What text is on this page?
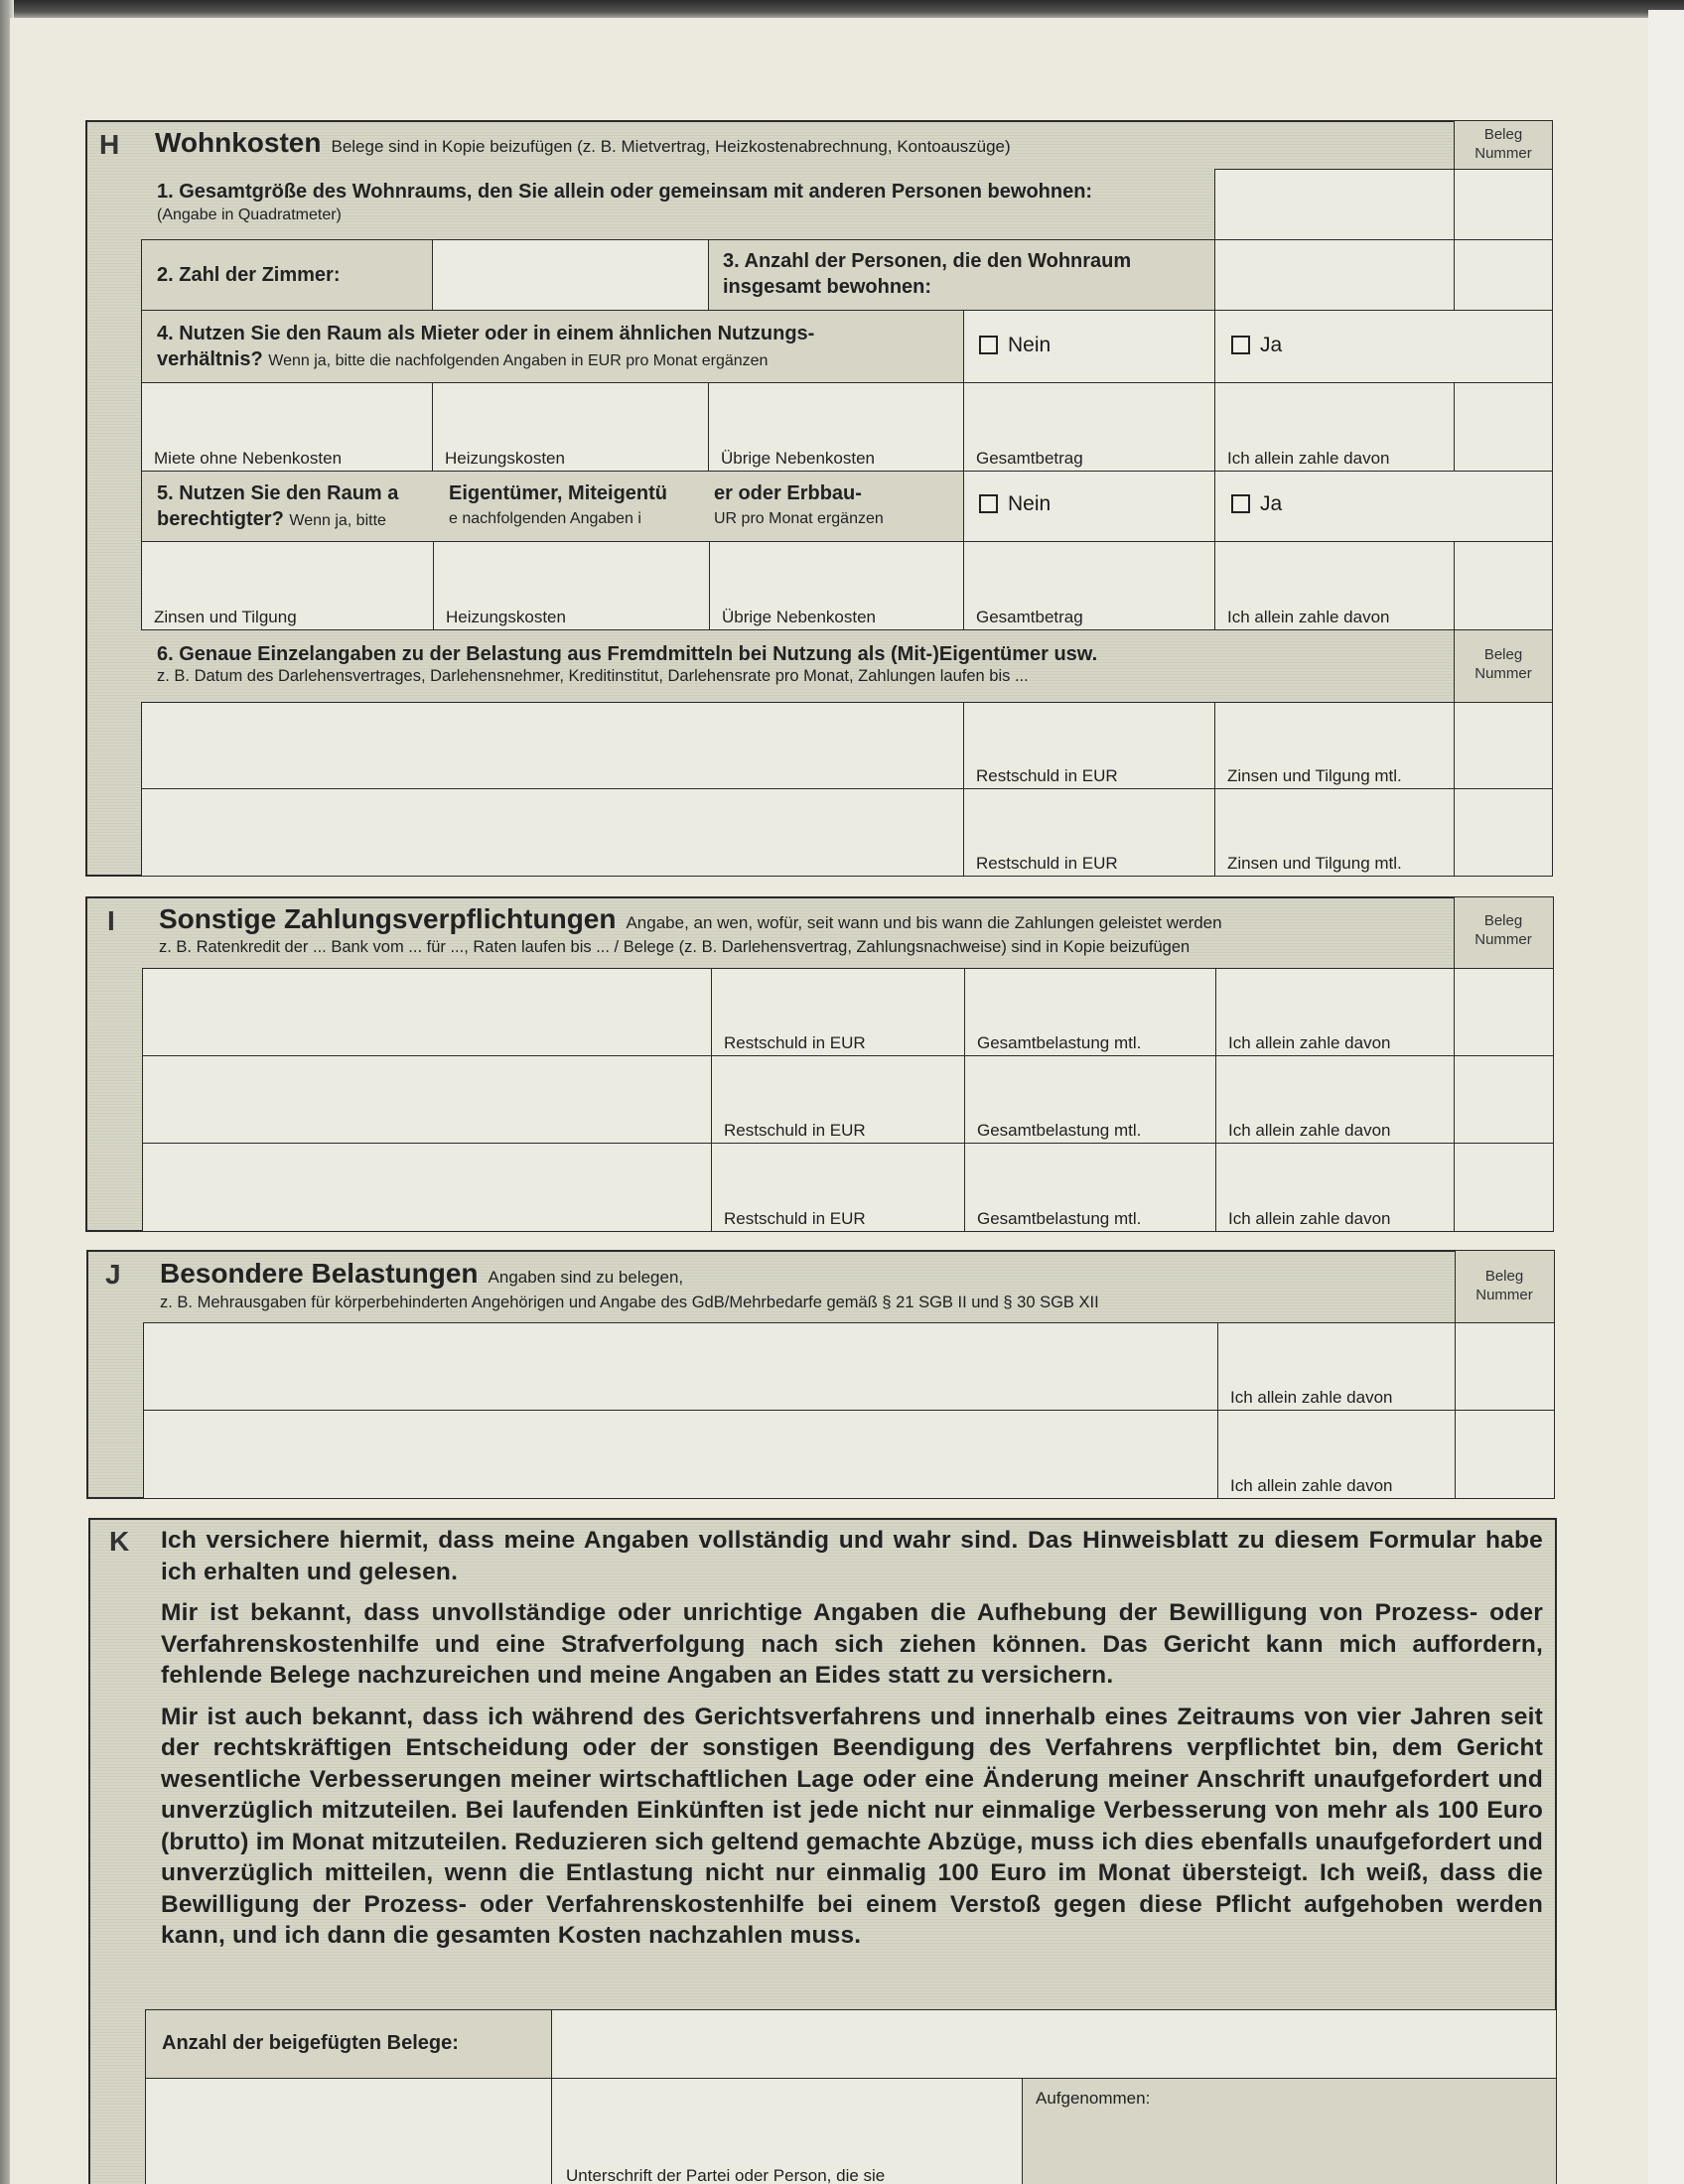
H Wohnkosten Belege sind in Kopie beizufügen (z. B. Mietvertrag, Heizkostenabrechnung, Kontoauszüge)
Beleg
Nummer
1. Gesamtgröße des Wohnraums, den Sie allein oder gemeinsam mit anderen Personen bewohnen:
(Angabe in Quadratmeter)
2. Zahl der Zimmer:
3. Anzahl der Personen, die den Wohnraum
insgesamt bewohnen:
4. Nutzen Sie den Raum als Mieter oder in einem ähnlichen Nutzungs-
verhältnis? Wenn ja, bitte die nachfolgenden Angaben in EUR pro Monat ergänzen
Nein	Ja
Miete ohne Nebenkosten	Heizungskosten	Übrige Nebenkosten	Gesamtbetrag	Ich allein zahle davon
5. Nutzen Sie den Raum a
berechtigter? Wenn ja, bitte
Eigentümer, Miteigentü
e nachfolgenden Angaben i
er oder Erbbau-
UR pro Monat ergänzen
Nein	Ja
Zinsen und Tilgung	Heizungskosten	Übrige Nebenkosten	Gesamtbetrag	Ich allein zahle davon
6. Genaue Einzelangaben zu der Belastung aus Fremdmitteln bei Nutzung als (Mit-)Eigentümer usw.
z. B. Datum des Darlehensvertrages, Darlehensnehmer, Kreditinstitut, Darlehensrate pro Monat, Zahlungen laufen bis ...
Beleg
Nummer
Restschuld in EUR	Zinsen und Tilgung mtl.
Restschuld in EUR	Zinsen und Tilgung mtl.
I Sonstige Zahlungsverpflichtungen Angabe, an wen, wofür, seit wann und bis wann die Zahlungen geleistet werden
z. B. Ratenkredit der ... Bank vom ... für ..., Raten laufen bis ... / Belege (z. B. Darlehensvertrag, Zahlungsnachweise) sind in Kopie beizufügen
Beleg
Nummer
Restschuld in EUR	Gesamtbelastung mtl.	Ich allein zahle davon
Restschuld in EUR	Gesamtbelastung mtl.	Ich allein zahle davon
Restschuld in EUR	Gesamtbelastung mtl.	Ich allein zahle davon
J Besondere Belastungen Angaben sind zu belegen,
z. B. Mehrausgaben für körperbehinderten Angehörigen und Angabe des GdB/Mehrbedarfe gemäß § 21 SGB II und § 30 SGB XII
Beleg
Nummer
Ich allein zahle davon
Ich allein zahle davon
K Ich versichere hiermit, dass meine Angaben vollständig und wahr sind. Das Hinweisblatt zu diesem Formular habe ich erhalten und gelesen.

Mir ist bekannt, dass unvollständige oder unrichtige Angaben die Aufhebung der Bewilligung von Prozess- oder Verfahrenskostenhilfe und eine Strafverfolgung nach sich ziehen können. Das Gericht kann mich auffordern, fehlende Belege nachzureichen und meine Angaben an Eides statt zu versichern.

Mir ist auch bekannt, dass ich während des Gerichtsverfahrens und innerhalb eines Zeitraums von vier Jahren seit der rechtskräftigen Entscheidung oder der sonstigen Beendigung des Verfahrens verpflichtet bin, dem Gericht wesentliche Verbesserungen meiner wirtschaftlichen Lage oder eine Änderung meiner Anschrift unaufgefordert und unverzüglich mitzuteilen. Bei laufenden Einkünften ist jede nicht nur einmalige Verbesserung von mehr als 100 Euro (brutto) im Monat mitzuteilen. Reduzieren sich geltend gemachte Abzüge, muss ich dies ebenfalls unaufgefordert und unverzüglich mitteilen, wenn die Entlastung nicht nur einmalig 100 Euro im Monat übersteigt. Ich weiß, dass die Bewilligung der Prozess- oder Verfahrenskostenhilfe bei einem Verstoß gegen diese Pflicht aufgehoben werden kann, und ich dann die gesamten Kosten nachzahlen muss.

Anzahl der beigefügten Belege:
Unterschrift der Partei oder Person, die sie
Aufgenommen:
